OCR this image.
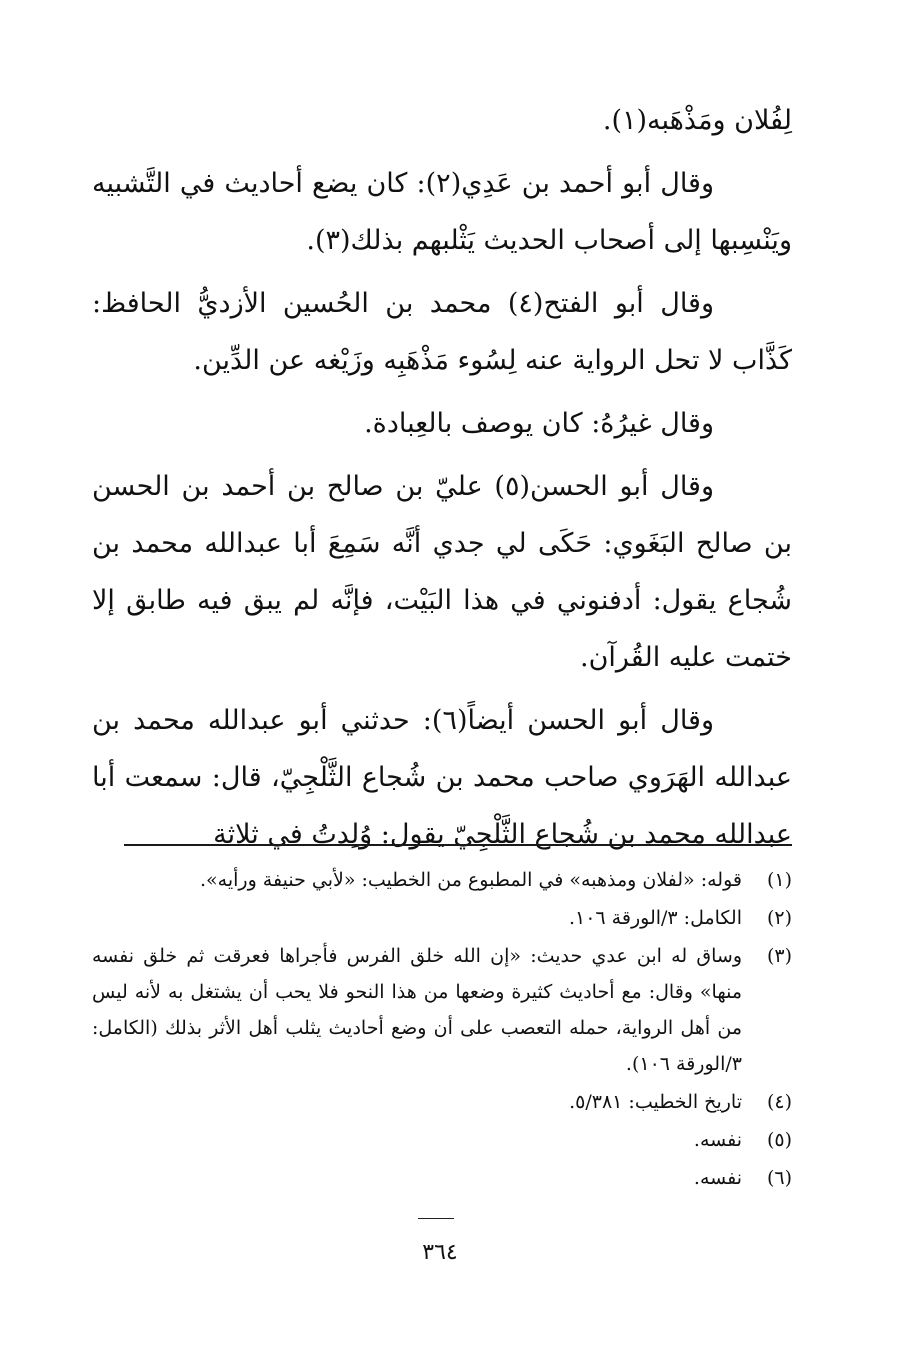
لِفُلان ومَذْهَبه(١).

وقال أبو أحمد بن عَدِي(٢): كان يضع أحاديث في التَّشبيه ويَنْسِبها إلى أصحاب الحديث يَثْلبهم بذلك(٣).

وقال أبو الفتح(٤) محمد بن الحُسين الأزديُّ الحافظ: كَذَّاب لا تحل الرواية عنه لِسُوء مَذْهَبِه وزَيْغه عن الدِّين.

وقال غيرُهُ: كان يوصف بالعِبادة.

وقال أبو الحسن(٥) عليّ بن صالح بن أحمد بن الحسن بن صالح البَغَوي: حَكَى لي جدي أنَّه سَمِعَ أبا عبدالله محمد بن شُجاع يقول: أدفنوني في هذا البَيْت، فإنَّه لم يبق فيه طابق إلا ختمت عليه القُرآن.

وقال أبو الحسن أيضاً(٦): حدثني أبو عبدالله محمد بن عبدالله الهَرَوي صاحب محمد بن شُجاع الثَّلْجِيّ، قال: سمعت أبا عبدالله محمد بن شُجاع الثَّلْجِيّ يقول: وُلِدتُ في ثلاثة

(١)
قوله: «لفلان ومذهبه» في المطبوع من الخطيب: «لأبي حنيفة ورأيه».
(٢)
الكامل: ٣/الورقة ١٠٦.
(٣)
وساق له ابن عدي حديث: «إن الله خلق الفرس فأجراها فعرقت ثم خلق نفسه منها» وقال: مع أحاديث كثيرة وضعها من هذا النحو فلا يحب أن يشتغل به لأنه ليس من أهل الرواية، حمله التعصب على أن وضع أحاديث يثلب أهل الأثر بذلك (الكامل: ٣/الورقة ١٠٦).
(٤)
تاريخ الخطيب: ٥/٣٨١.
(٥)
نفسه.
(٦)
نفسه.
٣٦٤
